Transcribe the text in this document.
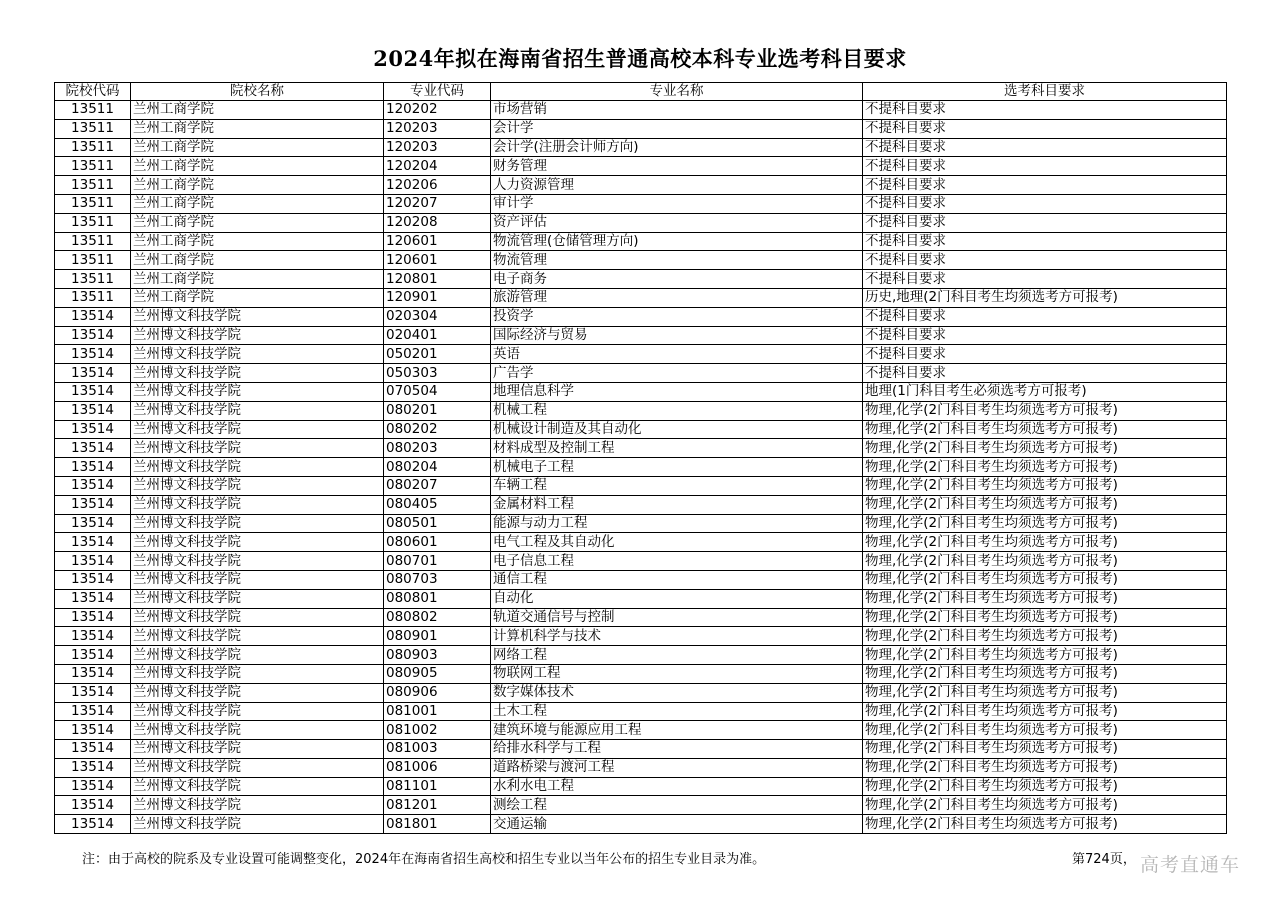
2024年拟在海南省招生普通高校本科专业选考科目要求
院校代码	院校名称	专业代码	专业名称	选考科目要求
13511	兰州工商学院	120202	市场营销	不提科目要求
13511	兰州工商学院	120203	会计学	不提科目要求
13511	兰州工商学院	120203	会计学(注册会计师方向)	不提科目要求
13511	兰州工商学院	120204	财务管理	不提科目要求
13511	兰州工商学院	120206	人力资源管理	不提科目要求
13511	兰州工商学院	120207	审计学	不提科目要求
13511	兰州工商学院	120208	资产评估	不提科目要求
13511	兰州工商学院	120601	物流管理(仓储管理方向)	不提科目要求
13511	兰州工商学院	120601	物流管理	不提科目要求
13511	兰州工商学院	120801	电子商务	不提科目要求
13511	兰州工商学院	120901	旅游管理	历史,地理(2门科目考生均须选考方可报考)
13514	兰州博文科技学院	020304	投资学	不提科目要求
13514	兰州博文科技学院	020401	国际经济与贸易	不提科目要求
13514	兰州博文科技学院	050201	英语	不提科目要求
13514	兰州博文科技学院	050303	广告学	不提科目要求
13514	兰州博文科技学院	070504	地理信息科学	地理(1门科目考生必须选考方可报考)
13514	兰州博文科技学院	080201	机械工程	物理,化学(2门科目考生均须选考方可报考)
13514	兰州博文科技学院	080202	机械设计制造及其自动化	物理,化学(2门科目考生均须选考方可报考)
13514	兰州博文科技学院	080203	材料成型及控制工程	物理,化学(2门科目考生均须选考方可报考)
13514	兰州博文科技学院	080204	机械电子工程	物理,化学(2门科目考生均须选考方可报考)
13514	兰州博文科技学院	080207	车辆工程	物理,化学(2门科目考生均须选考方可报考)
13514	兰州博文科技学院	080405	金属材料工程	物理,化学(2门科目考生均须选考方可报考)
13514	兰州博文科技学院	080501	能源与动力工程	物理,化学(2门科目考生均须选考方可报考)
13514	兰州博文科技学院	080601	电气工程及其自动化	物理,化学(2门科目考生均须选考方可报考)
13514	兰州博文科技学院	080701	电子信息工程	物理,化学(2门科目考生均须选考方可报考)
13514	兰州博文科技学院	080703	通信工程	物理,化学(2门科目考生均须选考方可报考)
13514	兰州博文科技学院	080801	自动化	物理,化学(2门科目考生均须选考方可报考)
13514	兰州博文科技学院	080802	轨道交通信号与控制	物理,化学(2门科目考生均须选考方可报考)
13514	兰州博文科技学院	080901	计算机科学与技术	物理,化学(2门科目考生均须选考方可报考)
13514	兰州博文科技学院	080903	网络工程	物理,化学(2门科目考生均须选考方可报考)
13514	兰州博文科技学院	080905	物联网工程	物理,化学(2门科目考生均须选考方可报考)
13514	兰州博文科技学院	080906	数字媒体技术	物理,化学(2门科目考生均须选考方可报考)
13514	兰州博文科技学院	081001	土木工程	物理,化学(2门科目考生均须选考方可报考)
13514	兰州博文科技学院	081002	建筑环境与能源应用工程	物理,化学(2门科目考生均须选考方可报考)
13514	兰州博文科技学院	081003	给排水科学与工程	物理,化学(2门科目考生均须选考方可报考)
13514	兰州博文科技学院	081006	道路桥梁与渡河工程	物理,化学(2门科目考生均须选考方可报考)
13514	兰州博文科技学院	081101	水利水电工程	物理,化学(2门科目考生均须选考方可报考)
13514	兰州博文科技学院	081201	测绘工程	物理,化学(2门科目考生均须选考方可报考)
13514	兰州博文科技学院	081801	交通运输	物理,化学(2门科目考生均须选考方可报考)
注：由于高校的院系及专业设置可能调整变化，2024年在海南省招生高校和招生专业以当年公布的招生专业目录为准。	第724页， 高考直通车
